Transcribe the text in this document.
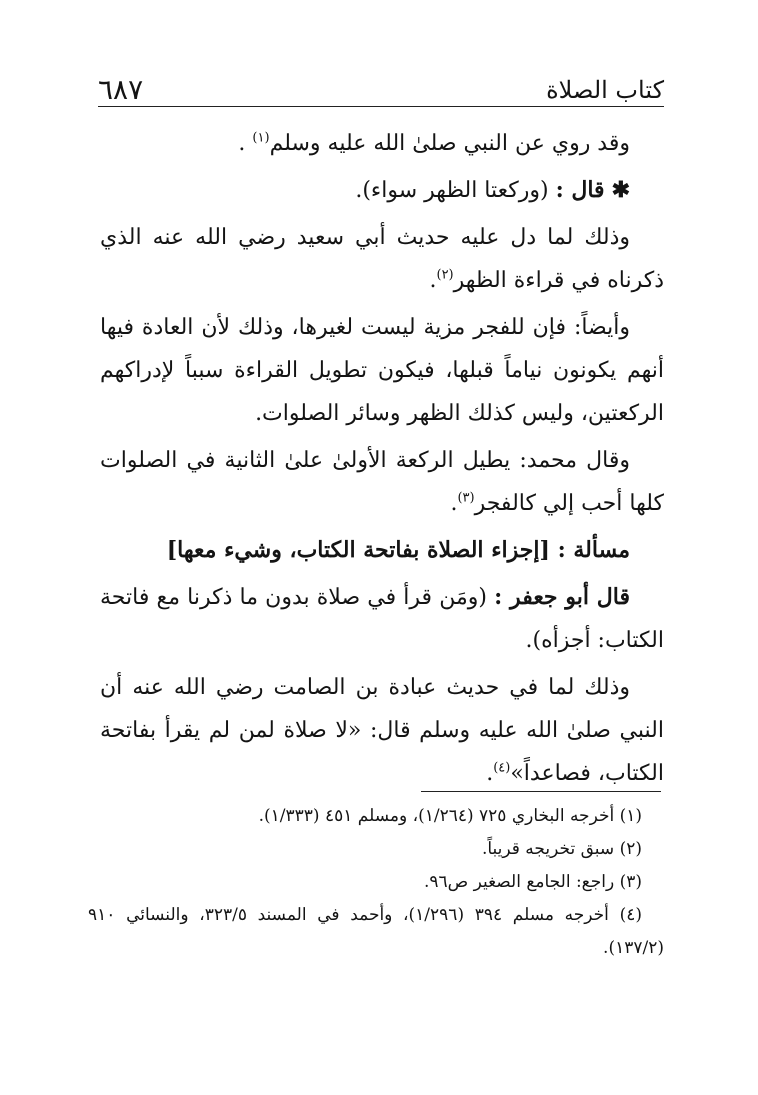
٦٨٧	كتاب الصلاة

وقد روي عن النبي صلىٰ الله عليه وسلم$^{(١)}$ .

✱ قال : (وركعتا الظهر سواء).

وذلك لما دل عليه حديث أبي سعيد رضي الله عنه الذي ذكرناه في قراءة الظهر$^{(٢)}$.

وأيضاً: فإن للفجر مزية ليست لغيرها، وذلك لأن العادة فيها أنهم يكونون نياماً قبلها، فيكون تطويل القراءة سبباً لإدراكهم الركعتين، وليس كذلك الظهر وسائر الصلوات.

وقال محمد: يطيل الركعة الأولىٰ علىٰ الثانية في الصلوات كلها أحب إلي كالفجر$^{(٣)}$.

مسألة : [إجزاء الصلاة بفاتحة الكتاب، وشيء معها]

قال أبو جعفر : (ومَن قرأ في صلاة بدون ما ذكرنا مع فاتحة الكتاب: أجزأه).

وذلك لما في حديث عبادة بن الصامت رضي الله عنه أن النبي صلىٰ الله عليه وسلم قال: «لا صلاة لمن لم يقرأ بفاتحة الكتاب، فصاعداً»$^{(٤)}$.

(١) أخرجه البخاري ٧٢٥ (١/٢٦٤)، ومسلم ٤٥١ (١/٣٣٣).
(٢) سبق تخريجه قريباً.
(٣) راجع: الجامع الصغير ص٩٦.
(٤) أخرجه مسلم ٣٩٤ (١/٢٩٦)، وأحمد في المسند ٣٢٣/٥، والنسائي ٩١٠ (١٣٧/٢).
